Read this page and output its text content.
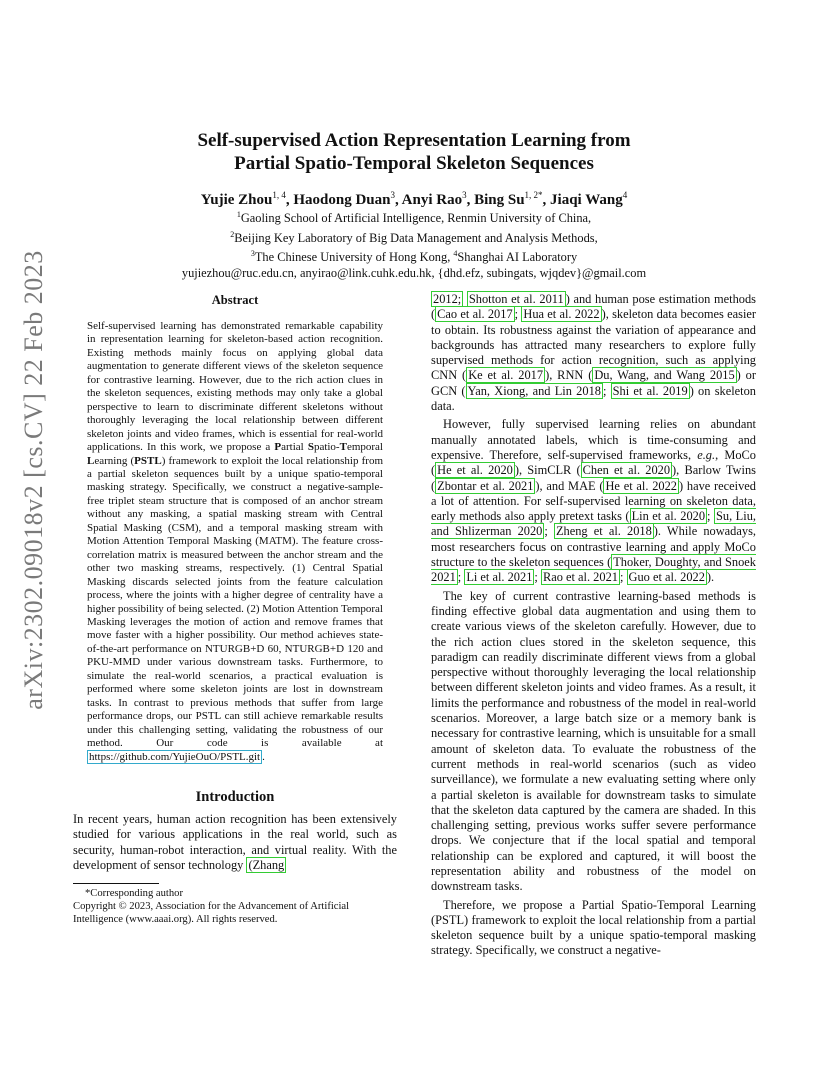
arXiv:2302.09018v2 [cs.CV] 22 Feb 2023
Self-supervised Action Representation Learning from
Partial Spatio-Temporal Skeleton Sequences
Yujie Zhou$^{1, 4}$, Haodong Duan$^3$, Anyi Rao$^3$, Bing $Su^{1, 2*}$, Jiaqi Wang$^4$
$^1$Gaoling School of Artificial Intelligence, Renmin University of China,
$^2$Beijing Key Laboratory of Big Data Management and Analysis Methods,
$^3$The Chinese University of Hong Kong, $^4$Shanghai AI Laboratory
yujiezhou@ruc.edu.cn, anyirao@link.cuhk.edu.hk, {dhd.efz, subingats, wjqdev}@gmail.com
Abstract

Self-supervised learning has demonstrated remarkable capability in representation learning for skeleton-based action recognition. Existing methods mainly focus on applying global data augmentation to generate different views of the skeleton sequence for contrastive learning. However, due to the rich action clues in the skeleton sequences, existing methods may only take a global perspective to learn to discriminate different skeletons without thoroughly leveraging the local relationship between different skeleton joints and video frames, which is essential for real-world applications. In this work, we propose a Partial Spatio-Temporal Learning (PSTL) framework to exploit the local relationship from a partial skeleton sequences built by a unique spatio-temporal masking strategy. Specifically, we construct a negative-sample-free triplet steam structure that is composed of an anchor stream without any masking, a spatial masking stream with Central Spatial Masking (CSM), and a temporal masking stream with Motion Attention Temporal Masking (MATM). The feature cross-correlation matrix is measured between the anchor stream and the other two masking streams, respectively. (1) Central Spatial Masking discards selected joints from the feature calculation process, where the joints with a higher degree of centrality have a higher possibility of being selected. (2) Motion Attention Temporal Masking leverages the motion of action and remove frames that move faster with a higher possibility. Our method achieves state-of-the-art performance on NTURGB+D 60, NTURGB+D 120 and PKU-MMD under various downstream tasks. Furthermore, to simulate the real-world scenarios, a practical evaluation is performed where some skeleton joints are lost in downstream tasks. In contrast to previous methods that suffer from large performance drops, our PSTL can still achieve remarkable results under this challenging setting, validating the robustness of our method. Our code is available at https://github.com/YujieOuO/PSTL.git .

Introduction

In recent years, human action recognition has been extensively studied for various applications in the real world, such as security, human-robot interaction, and virtual reality. With the development of sensor technology (Zhang

*Corresponding author

Copyright © 2023, Association for the Advancement of Artificial Intelligence (www.aaai.org). All rights reserved.

2012; Shotton et al. 2011 ) and human pose estimation methods ( Cao et al. 2017 ; Hua et al. 2022 ), skeleton data becomes easier to obtain. Its robustness against the variation of appearance and backgrounds has attracted many researchers to explore fully supervised methods for action recognition, such as applying CNN ( Ke et al. 2017 ), RNN ( Du, Wang, and Wang 2015 ) or GCN ( Yan, Xiong, and Lin 2018 ; Shi et al. 2019 ) on skeleton data.

However, fully supervised learning relies on abundant manually annotated labels, which is time-consuming and expensive. Therefore, self-supervised frameworks, e.g., MoCo ( He et al. 2020 ), SimCLR ( Chen et al. 2020 ), Barlow Twins ( Zbontar et al. 2021 ), and MAE ( He et al. 2022 ) have received a lot of attention. For self-supervised learning on skeleton data, early methods also apply pretext tasks ( Lin et al. 2020 ; Su, Liu, and Shlizerman 2020 ; Zheng et al. 2018 ). While nowadays, most researchers focus on contrastive learning and apply MoCo structure to the skeleton sequences ( Thoker, Doughty, and Snoek 2021 ; Li et al. 2021 ; Rao et al. 2021 ; Guo et al. 2022 ).

The key of current contrastive learning-based methods is finding effective global data augmentation and using them to create various views of the skeleton carefully. However, due to the rich action clues stored in the skeleton sequence, this paradigm can readily discriminate different views from a global perspective without thoroughly leveraging the local relationship between different skeleton joints and video frames. As a result, it limits the performance and robustness of the model in real-world scenarios. Moreover, a large batch size or a memory bank is necessary for contrastive learning, which is unsuitable for a small amount of skeleton data. To evaluate the robustness of the current methods in real-world scenarios (such as video surveillance), we formulate a new evaluating setting where only a partial skeleton is available for downstream tasks to simulate that the skeleton data captured by the camera are shaded. In this challenging setting, previous works suffer severe performance drops. We conjecture that if the local spatial and temporal relationship can be explored and captured, it will boost the representation ability and robustness of the model on downstream tasks.

Therefore, we propose a Partial Spatio-Temporal Learning (PSTL) framework to exploit the local relationship from a partial skeleton sequence built by a unique spatio-temporal masking strategy. Specifically, we construct a negative-
